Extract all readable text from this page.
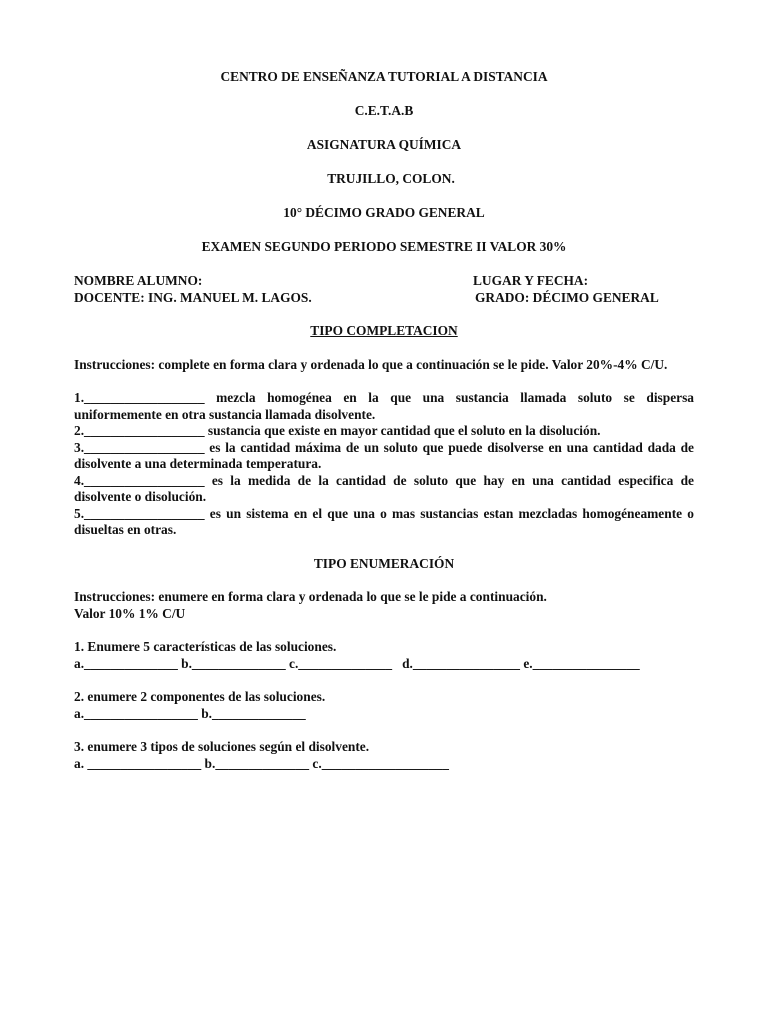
CENTRO DE ENSEÑANZA TUTORIAL A DISTANCIA
C.E.T.A.B
ASIGNATURA QUÍMICA
TRUJILLO, COLON.
10° DÉCIMO GRADO GENERAL
EXAMEN SEGUNDO PERIODO SEMESTRE II VALOR 30%
NOMBRE ALUMNO:	LUGAR Y FECHA:
DOCENTE: ING. MANUEL M. LAGOS.	GRADO: DÉCIMO GENERAL
TIPO COMPLETACION

Instrucciones: complete en forma clara y ordenada lo que a continuación se le pide. Valor 20%-4% C/U.

1.__________________ mezcla homogénea en la que una sustancia llamada soluto se dispersa uniformemente en otra sustancia llamada disolvente.

2.__________________ sustancia que existe en mayor cantidad que el soluto en la disolución.

3.__________________ es la cantidad máxima de un soluto que puede disolverse en una cantidad dada de disolvente a una determinada temperatura.

4.__________________ es la medida de la cantidad de soluto que hay en una cantidad especifica de disolvente o disolución.

5.__________________ es un sistema en el que una o mas sustancias estan mezcladas homogéneamente o disueltas en otras.

TIPO ENUMERACIÓN

Instrucciones: enumere en forma clara y ordenada lo que se le pide a continuación.

Valor 10% 1% C/U

1. Enumere 5 características de las soluciones.

a.______________ b.______________ c.______________   d.________________ e.________________

2. enumere 2 componentes de las soluciones.

a._________________ b.______________

3. enumere 3 tipos de soluciones según el disolvente.

a. _________________ b.______________ c.___________________
